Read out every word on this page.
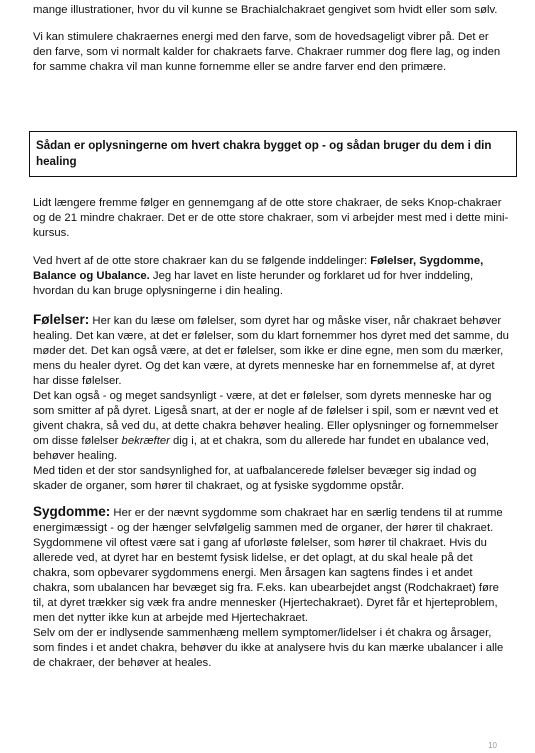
mange illustrationer, hvor du vil kunne se Brachialchakraet gengivet som hvidt eller som sølv.

Vi kan stimulere chakraernes energi med den farve, som de hovedsageligt vibrer på. Det er den farve, som vi normalt kalder for chakraets farve. Chakraer rummer dog flere lag, og inden for samme chakra vil man kunne fornemme eller se andre farver end den primære.

Sådan er oplysningerne om hvert chakra bygget op - og sådan bruger du dem i din healing

Lidt længere fremme følger en gennemgang af de otte store chakraer, de seks Knop-chakraer og de 21 mindre chakraer. Det er de otte store chakraer, som vi arbejder mest med i dette mini-kursus.

Ved hvert af de otte store chakraer kan du se følgende inddelinger: Følelser, Sygdomme, Balance og Ubalance. Jeg har lavet en liste herunder og forklaret ud for hver inddeling, hvordan du kan bruge oplysningerne i din healing.

Følelser: Her kan du læse om følelser, som dyret har og måske viser, når chakraet behøver healing. Det kan være, at det er følelser, som du klart fornemmer hos dyret med det samme, du møder det. Det kan også være, at det er følelser, som ikke er dine egne, men som du mærker, mens du healer dyret. Og det kan være, at dyrets menneske har en fornemmelse af, at dyret har disse følelser.
Det kan også - og meget sandsynligt - være, at det er følelser, som dyrets menneske har og som smitter af på dyret. Ligeså snart, at der er nogle af de følelser i spil, som er nævnt ved et givent chakra, så ved du, at dette chakra behøver healing. Eller oplysninger og fornemmelser om disse følelser bekræfter dig i, at et chakra, som du allerede har fundet en ubalance ved, behøver healing.
Med tiden et der stor sandsynlighed for, at uafbalancerede følelser bevæger sig indad og skader de organer, som hører til chakraet, og at fysiske sygdomme opstår.
Sygdomme: Her er der nævnt sygdomme som chakraet har en særlig tendens til at rumme energimæssigt - og der hænger selvfølgelig sammen med de organer, der hører til chakraet. Sygdommene vil oftest være sat i gang af uforløste følelser, som hører til chakraet. Hvis du allerede ved, at dyret har en bestemt fysisk lidelse, er det oplagt, at du skal heale på det chakra, som opbevarer sygdommens energi. Men årsagen kan sagtens findes i et andet chakra, som ubalancen har bevæget sig fra. F.eks. kan ubearbejdet angst (Rodchakraet) føre til, at dyret trækker sig væk fra andre mennesker (Hjertechakraet). Dyret får et hjerteproblem, men det nytter ikke kun at arbejde med Hjertechakraet.
Selv om der er indlysende sammenhæng mellem symptomer/lidelser i ét chakra og årsager, som findes i et andet chakra, behøver du ikke at analysere hvis du kan mærke ubalancer i alle de chakraer, der behøver at heales.
10
